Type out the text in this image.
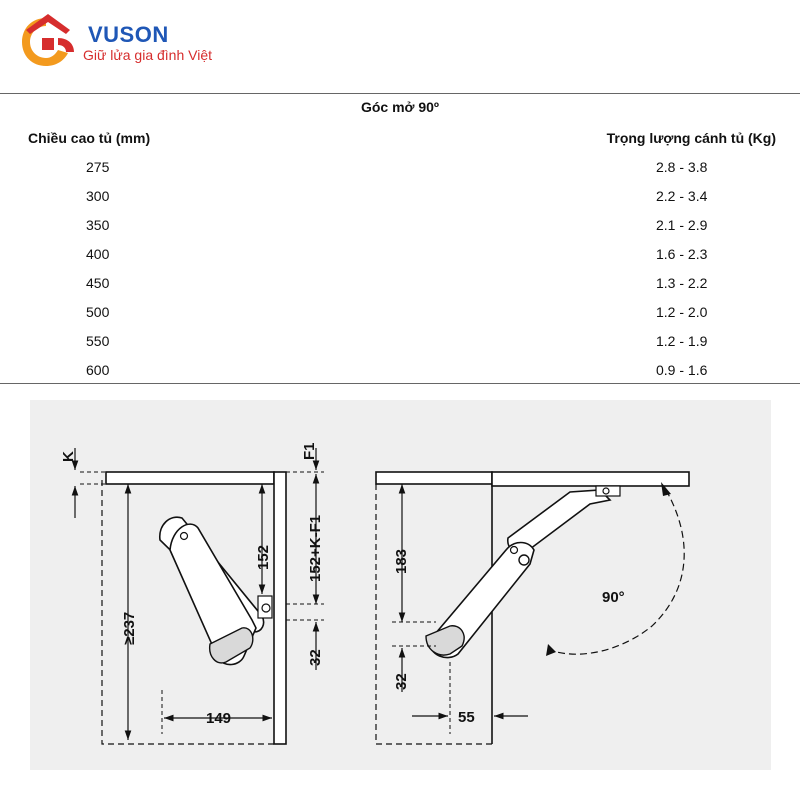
VUSON
Giữ lửa gia đình Việt
Góc mở 90º
Chiều cao tủ (mm)	Trọng lượng cánh tủ (Kg)
275	2.8 - 3.8
300	2.2 - 3.4
350	2.1 - 2.9
400	1.6 - 2.3
450	1.3 - 2.2
500	1.2 - 2.0
550	1.2 - 1.9
600	0.9 - 1.6
K
≥237
152
F1
152+K-F1
32
149
183
32
55
90°
